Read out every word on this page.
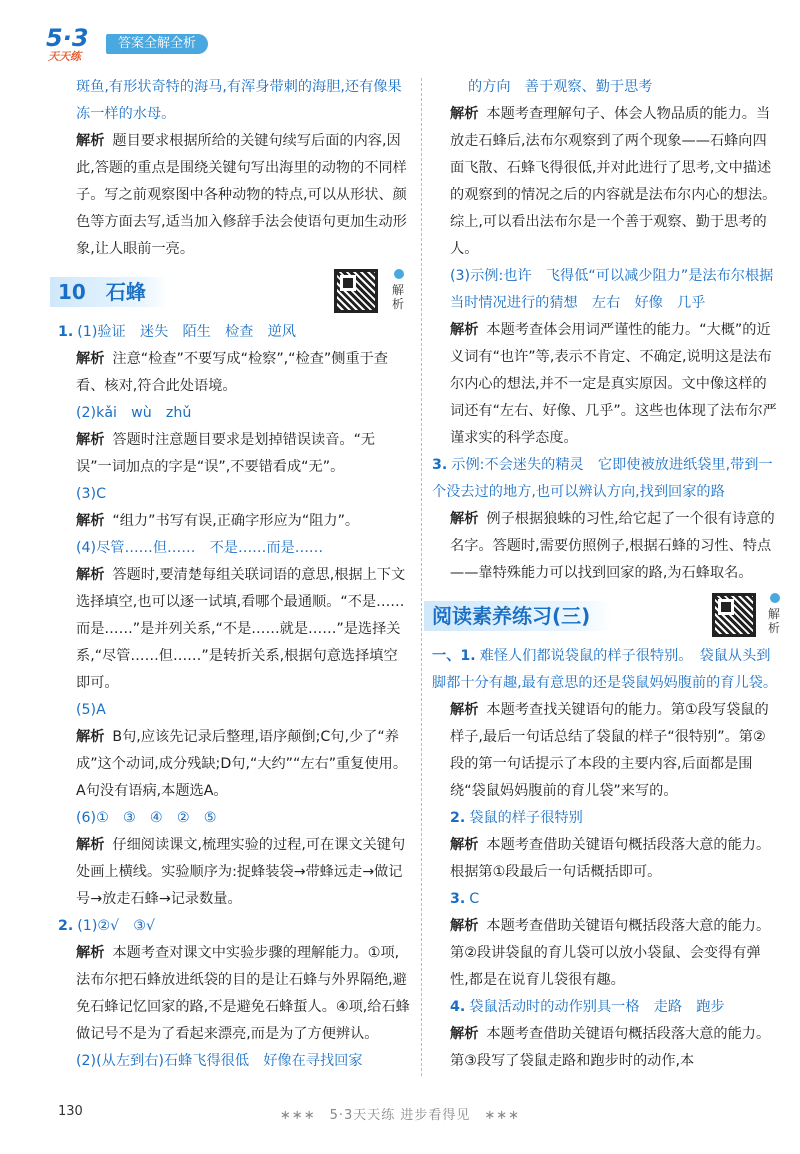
5·3
天天练
答案全解全析

斑鱼,有形状奇特的海马,有浑身带刺的海胆,还有像果冻一样的水母。

解析 题目要求根据所给的关键句续写后面的内容,因此,答题的重点是围绕关键句写出海里的动物的不同样子。写之前观察图中各种动物的特点,可以从形状、颜色等方面去写,适当加入修辞手法会使语句更加生动形象,让人眼前一亮。

10　石蜂	解析

1. (1)验证　迷失　陌生　检查　逆风

解析 注意“检查”不要写成“检察”,“检查”侧重于查看、核对,符合此处语境。

(2)kǎi　wù　zhǔ

解析 答题时注意题目要求是划掉错误读音。“无误”一词加点的字是“误”,不要错看成“无”。

(3)C

解析 “组力”书写有误,正确字形应为“阻力”。

(4)尽管……但……　不是……而是……

解析 答题时,要清楚每组关联词语的意思,根据上下文选择填空,也可以逐一试填,看哪个最通顺。“不是……而是……”是并列关系,“不是……就是……”是选择关系,“尽管……但……”是转折关系,根据句意选择填空即可。

(5)A

解析 B句,应该先记录后整理,语序颠倒;C句,少了“养成”这个动词,成分残缺;D句,“大约”“左右”重复使用。A句没有语病,本题选A。

(6)①　③　④　②　⑤

解析 仔细阅读课文,梳理实验的过程,可在课文关键句处画上横线。实验顺序为:捉蜂装袋→带蜂远走→做记号→放走石蜂→记录数量。

2. (1)②√　③√

解析 本题考查对课文中实验步骤的理解能力。①项,法布尔把石蜂放进纸袋的目的是让石蜂与外界隔绝,避免石蜂记忆回家的路,不是避免石蜂蜇人。④项,给石蜂做记号不是为了看起来漂亮,而是为了方便辨认。

(2)(从左到右)石蜂飞得很低　好像在寻找回家

的方向　善于观察、勤于思考

解析 本题考查理解句子、体会人物品质的能力。当放走石蜂后,法布尔观察到了两个现象——石蜂向四面飞散、石蜂飞得很低,并对此进行了思考,文中描述的观察到的情况之后的内容就是法布尔内心的想法。综上,可以看出法布尔是一个善于观察、勤于思考的人。

(3)示例:也许　飞得低“可以减少阻力”是法布尔根据当时情况进行的猜想　左右　好像　几乎

解析 本题考查体会用词严谨性的能力。“大概”的近义词有“也许”等,表示不肯定、不确定,说明这是法布尔内心的想法,并不一定是真实原因。文中像这样的词还有“左右、好像、几乎”。这些也体现了法布尔严谨求实的科学态度。

3. 示例:不会迷失的精灵　它即使被放进纸袋里,带到一个没去过的地方,也可以辨认方向,找到回家的路

解析 例子根据狼蛛的习性,给它起了一个很有诗意的名字。答题时,需要仿照例子,根据石蜂的习性、特点——靠特殊能力可以找到回家的路,为石蜂取名。

阅读素养练习(三)	解析

一、1. 难怪人们都说袋鼠的样子很特别。　袋鼠从头到脚都十分有趣,最有意思的还是袋鼠妈妈腹前的育儿袋。

解析 本题考查找关键语句的能力。第①段写袋鼠的样子,最后一句话总结了袋鼠的样子“很特别”。第②段的第一句话提示了本段的主要内容,后面都是围绕“袋鼠妈妈腹前的育儿袋”来写的。

2. 袋鼠的样子很特别

解析 本题考查借助关键语句概括段落大意的能力。根据第①段最后一句话概括即可。

3. C

解析 本题考查借助关键语句概括段落大意的能力。第②段讲袋鼠的育儿袋可以放小袋鼠、会变得有弹性,都是在说育儿袋很有趣。

4. 袋鼠活动时的动作别具一格　走路　跑步

解析 本题考查借助关键语句概括段落大意的能力。第③段写了袋鼠走路和跑步时的动作,本

130	∗∗∗　5·3天天练 进步看得见　∗∗∗
